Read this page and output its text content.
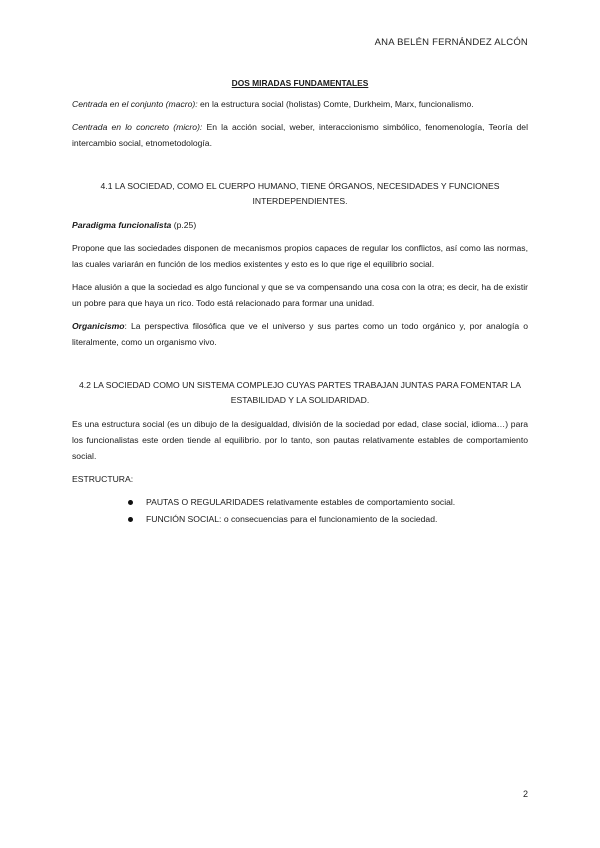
ANA BELÉN FERNÁNDEZ ALCÓN
DOS MIRADAS FUNDAMENTALES

Centrada en el conjunto (macro): en la estructura social (holistas) Comte, Durkheim, Marx, funcionalismo.

Centrada en lo concreto (micro): En la acción social, weber, interaccionismo simbólico, fenomenología, Teoría del intercambio social, etnometodología.

4.1 LA SOCIEDAD, COMO EL CUERPO HUMANO, TIENE ÓRGANOS, NECESIDADES Y FUNCIONES INTERDEPENDIENTES.

Paradigma funcionalista (p.25)

Propone que las sociedades disponen de mecanismos propios capaces de regular los conflictos, así como las normas, las cuales variarán en función de los medios existentes y esto es lo que rige el equilibrio social.

Hace alusión a que la sociedad es algo funcional y que se va compensando una cosa con la otra; es decir, ha de existir un pobre para que haya un rico. Todo está relacionado para formar una unidad.

Organicismo: La perspectiva filosófica que ve el universo y sus partes como un todo orgánico y, por analogía o literalmente, como un organismo vivo.

4.2 LA SOCIEDAD COMO UN SISTEMA COMPLEJO CUYAS PARTES TRABAJAN JUNTAS PARA FOMENTAR LA ESTABILIDAD Y LA SOLIDARIDAD.

Es una estructura social (es un dibujo de la desigualdad, división de la sociedad por edad, clase social, idioma…) para los funcionalistas este orden tiende al equilibrio. por lo tanto, son pautas relativamente estables de comportamiento social.

ESTRUCTURA:

PAUTAS O REGULARIDADES relativamente estables de comportamiento social.
FUNCIÓN SOCIAL: o consecuencias para el funcionamiento de la sociedad.
2
